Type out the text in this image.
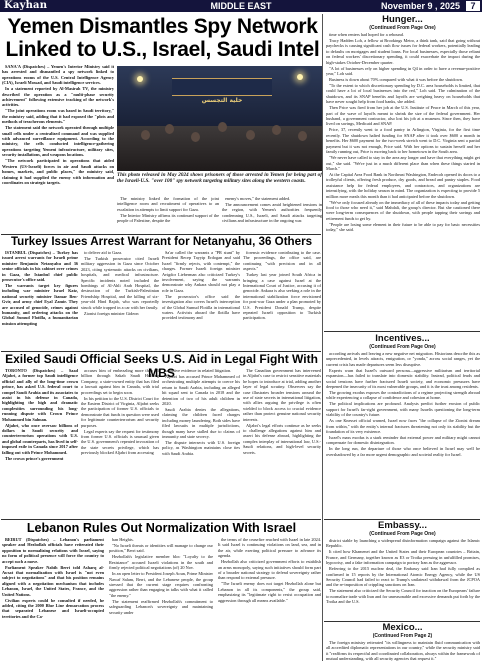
Kayhan	MIDDLE EAST	November 9 , 2025	7
Yemen Dismantles Spy Network Linked to U.S., Israel, Saudi Intel

SANA'A (Dispatches) – Yemen's Interior Ministry said it has arrested and dismantled a spy network linked to operations rooms of the U.S. Central Intelligence Agency (CIA), Israeli Mossad, and Saudi intelligence services.

In a statement reported by Al-Masirah TV, the ministry described the operation as a "multi-phase security achievement" following extensive tracking of the network's activities.

"The joint operations room was based in Saudi territory," the ministry said, adding that it had exposed the "plots and methods of treacherous elements."

The statement said the network operated through multiple small cells under a centralized command and was supplied with advanced surveillance equipment. According to the ministry, the cells conducted intelligence-gathering operations targeting Yemeni infrastructure, military sites, security installations, and weapons locations.

"The network participated in operations that aided Western (US-Israeli) forces in air and Saudi attacks on homes, markets, and public places," the ministry said, claiming it had supplied the enemy with information and coordinates on strategic targets.

خلية التجسس
This photo released in May 2024 shows prisoners of those arrested in Yemen for being part of the Israeli-U.S. "over 100" spy network targeting military sites along the western coasts.

The ministry linked the formation of the joint intelligence room and recruitment of operatives to an escalation in attempts to limit support for Gaza.

The Interior Ministry affirms its continued support of the people of Palestine, despite the

enemy's moves," the statement added.

The announcement comes amid heightened tensions in the region, with Yemen's authorities frequently condemning U.S., Israeli, and Saudi attacks targeting civilians and infrastructure in the ongoing war.

Turkey Issues Arrest Warrant for Netanyahu, 36 Others

ISTANBUL (Dispatches) – Turkey has issued arrest warrants for Israeli prime minister Benjamin Netanyahu and 36 senior officials in his cabinet over crimes in Gaza, the Istanbul chief public prosecutor's office said.

The warrants target key figures including war minister Israel Katz, national security minister Itamar Ben-Gvir, and army chief Eyal Zamir. They are accused of genocide, crimes against humanity, and ordering attacks on the Global Sumud Flotilla, a humanitarian mission attempting

to deliver aid to Gaza.

The Turkish prosecutor cited Israeli military aggression in Gaza since October 2023, citing systematic attacks on civilians, hospitals, and medical infrastructure. Specific incidents noted included the bombings of Al-Ahli Arab Hospital, the destruction of the Turkish-Palestinian Friendship Hospital, and the killing of six-year-old Hind Rajab, who was reportedly struck while trapped in a car with her family.

Zionist foreign minister Gideon

Sa'ar called the warrants a "PR stunt" by President Recep Tayyip Erdogan and said Israel "firmly rejects, with contempt," the charges. Former Israeli foreign minister Avigdor Lieberman also criticized Turkey's involvement, saying the warrants demonstrate why Ankara should not play a role in Gaza.

The prosecutor's office said the investigation also covers Israel's interception of the Global Sumud Flotilla in international waters. Activists aboard the flotilla have provided testimony and

forensic evidence contributing to the case. The proceedings, the office said, are continuing "with precision and in all aspects."

Turkey last year joined South Africa in bringing a case against Israel at the International Court of Justice, accusing it of genocide. Ankara is also seeking a role in the international stabilization force envisioned for post-war Gaza under a plan promoted by U.S. President Donald Trump, despite repeated Israeli opposition to Turkish participation.

Exiled Saudi Official Seeks U.S. Aid in Legal Fight With MBS

TORONTO (Dispatches) – Saad Aljabri, a former top Saudi intelligence official and ally of the long-time crown prince, has asked U.S. federal court to compel Saudi Arabia and its associates to assist in his defense in Canada, highlighting the high and dramatic complexities surrounding his long-running dispute with Crown Prince Mohammed bin Salman.

Aljabri, who once oversaw billions of dollars in Saudi security and counterterrorism operations with U.S. and global counterparts, has lived in self-imposed exile in Canada since 2017 after falling out with Prince Mohammed.

The crown prince's government

accuses him of embezzling more than $5 billion through Sakab Saudi Holding Company, a state-owned entity that has filed a lawsuit against him in Canada, with trial proceedings set to begin soon.

In his petition to the U.S. District Court for the Eastern District of Virginia, Aljabri seeks the participation of former U.S. officials to demonstrate that funds in question were used for legitimate counterterrorism and security purposes.

Legal experts say the request for testimony from former U.S. officials is unusual given the U.S. government's repeated invocation of the state secrets privilege, which has previously blocked Aljabri from accessing

sensitive evidence in related litigation.

Aljabri has accused Prince Mohammed of orchestrating multiple attempts to coerce his return to Saudi Arabia, including an alleged hit squad sent to Canada in 2018 and the detention of two of his adult children in 2020.

Saudi Arabia denies the allegations, claiming the children faced charges including money laundering. Both sides have filed lawsuits in multiple jurisdictions, though many have stalled due to claims of immunity and state secrecy.

The dispute intersects with U.S. foreign policy, as Washington maintains close ties with Saudi Arabia.

The Canadian government has intervened in Aljabri's case to restrict sensitive materials he hopes to introduce at trial, adding another layer of legal scrutiny. Observers say the case illustrates broader tensions around the use of state secrets in international litigation, with allies arguing the privilege is often wielded to block access to crucial evidence rather than protect genuine national security interests.

Aljabri's legal efforts continue as he seeks to challenge allegations against him and assert his defense abroad, highlighting the complex interplay of international law, U.S.-Saudi relations, and high-level security secrets.

Lebanon Rules Out Normalization With Israel

BEIRUT (Dispatches) – Lebanon's parliament speaker and Hezbollah officials have reiterated their opposition to normalizing relations with Israel, saying no form of political presence will force the country to accept such a move.

Parliament Speaker Nabih Berri told Asharq al-Awsat that normalization with Israel is "not even subject to negotiations" and that his position remains aligned with a negotiation mechanism that includes Lebanon, Israel, the United States, France, and the United Nations.

Civilian experts could be consulted if needed, he added, citing the 2000 Blue Line demarcation process that separated Lebanese and Israeli-occupied territories and the Ca-

ban Heights.

"No Israeli threats or identities will manage to change our position," Berri said.

Hezbollah's legislative member bloc "Loyalty to the Resistance" accused Israeli violations in the south and firmly rejected political negotiations (of) 20 Nov.

In an open letter to President Joseph Aoun, Prime Minister Nawaf Salam, Berri, and the Lebanese people, the group stressed that the current stage requires confronting aggression rather than engaging in talks with what it called "the enemy."

The statement reaffirmed Hezbollah's commitment to safeguarding Lebanon's sovereignty and maintaining security under

the terms of the ceasefire reached with Israel in late 2024. It said Israel is continuing violations on land, sea, and in the air, while exerting political pressure to advance its agenda.

Hezbollah also criticized government efforts to establish an arms monopoly, saying such initiatives should form part of a broader national strategy to defend sovereignty rather than respond to external pressure.

"The Israeli enemy does not target Hezbollah alone but Lebanon in all its components," the group said, emphasizing its "legitimate right to resist occupation and aggression through all means available."

Hunger...
(Continued From Page One)

time when renters had hoped for a rebound.

Tracy Hadden Loh, a fellow at Brookings Metro, a think tank, said that going without paychecks is causing significant cash flow issues for federal workers, potentially leading to defaults on mortgages and student loans. For local businesses, especially those reliant on federal workers' discretionary spending, it could exacerbate the impact during the high-stakes October-December quarter.

"A lot of businesses rely on higher spending in Q4 in order to have a revenue-positive year," Loh said.

Business is down about 70% compared with what it was before the shutdown.

"To the extent to which discretionary spending by D.C. area households is limited, that could have a lot of local businesses into the red," Loh said. The culmination of the shutdown, and its SNAP benefits and layoffs are weighing heavy on households that have never sought help from food banks, she added.

Then Price was fired from her job at the U.S. Institute of Peace in March of this year, part of the wave of layoffs meant to shrink the size of the federal government. Her husband, a government contractor, also lost his job at a museum. Since then, they have lived on savings, Medicaid and SNAP.

Price, 37, recently went to a food pantry in Arlington, Virginia, for the first time recently. The shutdown halted funding for SNAP after it took over $600 a month in benefits. Her $600 payment for the two-week stretch went to D.C. Virginia sent a partial payment but it was not enough, Price said. With her options to sustain herself and her family running out, Price is moving back to her hometown in the South area.

"We never have called to stay in the area any longer and have that everything might get out," she said. "We're just in a much different place than when these things started in March."

At the Capital Area Food Bank in Northeast Washington, Endecoh opened its doors to a trolleyful clients, offering fresh produce, dry goods, and bread and pantry staples. Food assistance help for federal employees, and contractors, and organizations are intensifying, with the holiday season in mind. The organization is expecting to provide 5 million more meals this month than it had anticipated before the shutdown.

"We've only focused already on the immediacy of all of these impacts today and getting food to those who need it," said Mahdali, the group's director. But she cautioned there were long-term consequences of the shutdown, with people tapping their savings and retirement funds to get by.

"People are losing some element in their future to be able to pay for basic necessities today," she said.

Incentives...
(Continued From Page One)

according arrivals and leaving a new negative net migration. Historians describe this as unprecedented, in levels attracts, emigration, or "yonda," across social ranges, yet the current crisis has made departures seem less disruptive.

Experts warn that Israel's outward persona—aggressive militarism and territorial expansion—has failed to translate into domestic stability. Instead, political feuds and social tensions have further fractured Israeli society, and economic pressures have deepened the insecurity of its most vulnerable groups, and it is the trust among residents.

The growing exodus exposes the contradictions of a regime projecting strength abroad while experiencing a collapse of confidence and cohesion at home.

The political implications are profound. Analysts predict further erosion of public support for Israel's far-right government, with many Israelis questioning the long-term viability of the country's future.

As one Knesset official warned, Israel now faces "the collapse of the Zionist dream from within," with the entity's internal fractures threatening not only its stability but the foundation of its very existence.

Israel's mass exodus is a stark reminder that external power and military might cannot compensate for domestic disintegration.

In the long run, the departure of those who once believed in Israel may well be overshadowed by a far more urgent demographic and societal reality for Israel.

Embassy...
(Continued From Page One)

district stable by launching a widespread disinformation campaign against the Islamic Republic.

It cited how Khamenei and the United States and their European countries – Britain, France, and Germany, together known as E3 or Troika pressing in unfulfilled promises, hypocrisy, and a fake information campaign to portray Iran as the aggressor.

Referring to the 2015 nuclear deal, the Embassy said Iran had fully complied as confirmed in 15 reports by the International Atomic Energy Agency, while the US Security Council had failed to react to Trump's unilateral withdrawal from the JCPOA and the re-imposition of crippling sanctions on Iran.

The statement also criticized the Security Council for inaction on the Europeans' failure to normalize trade with Iran and for unreasonable and excessive demands put forth by the Troika and the U.S.

Mexico...
(Continued From Page 2)

The foreign ministry reiterated "its willingness to maintain fluid communication with all accredited diplomatic representations in our country," while the security ministry said it "reaffirms its respectful and coordinated collaboration, always within the framework of mutual understanding, with all security agencies that request it."
